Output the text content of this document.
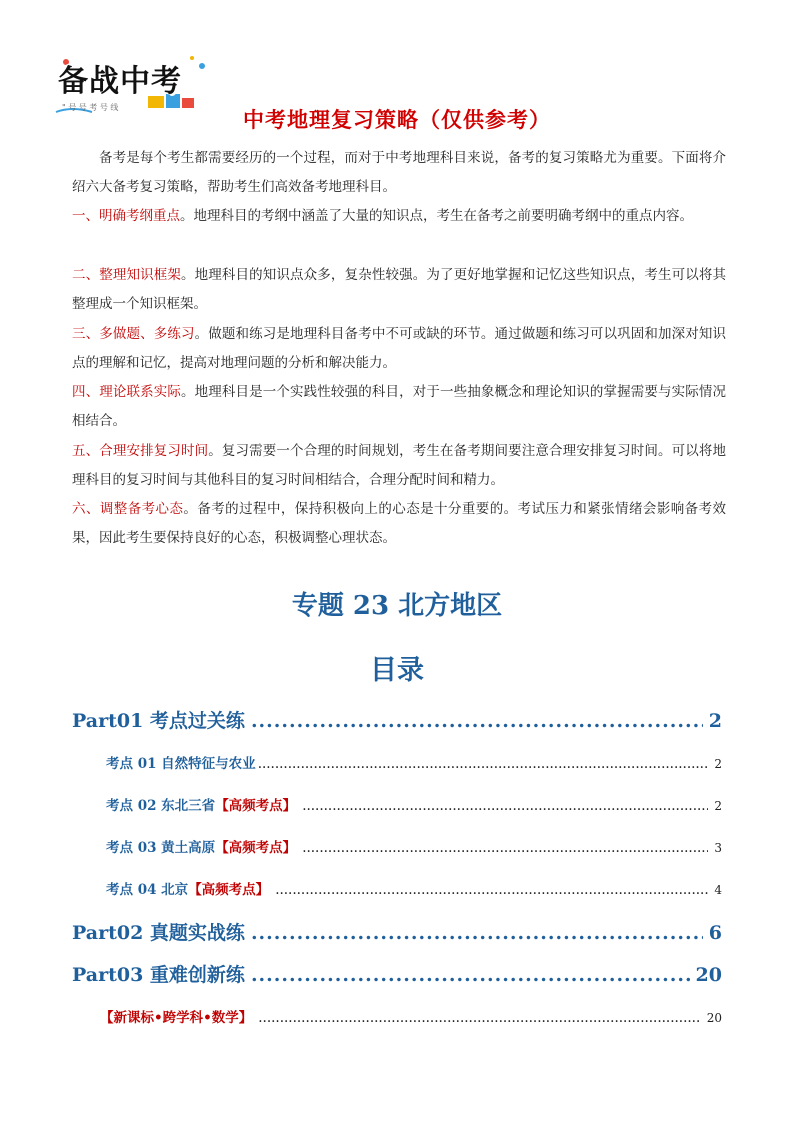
备战中考
" 号 号 考 号 线
中考地理复习策略（仅供参考）
备考是每个考生都需要经历的一个过程，而对于中考地理科目来说，备考的复习策略尤为重要。下面将介绍六大备考复习策略，帮助考生们高效备考地理科目。
一、明确考纲重点。地理科目的考纲中涵盖了大量的知识点，考生在备考之前要明确考纲中的重点内容。
二、整理知识框架。地理科目的知识点众多，复杂性较强。为了更好地掌握和记忆这些知识点，考生可以将其整理成一个知识框架。
三、多做题、多练习。做题和练习是地理科目备考中不可或缺的环节。通过做题和练习可以巩固和加深对知识点的理解和记忆，提高对地理问题的分析和解决能力。
四、理论联系实际。地理科目是一个实践性较强的科目，对于一些抽象概念和理论知识的掌握需要与实际情况相结合。
五、合理安排复习时间。复习需要一个合理的时间规划，考生在备考期间要注意合理安排复习时间。可以将地理科目的复习时间与其他科目的复习时间相结合，合理分配时间和精力。
六、调整备考心态。备考的过程中，保持积极向上的心态是十分重要的。考试压力和紧张情绪会影响备考效果，因此考生要保持良好的心态，积极调整心理状态。
专题 23 北方地区
目录
Part01 考点过关练 .....	2
考点 01 自然特征与农业 .....	2
考点 02 东北三省 【高频考点】 .....	2
考点 03 黄土高原 【高频考点】 .....	3
考点 04 北京 【高频考点】 .....	4
Part02 真题实战练 .....	6
Part03 重难创新练 .....	20
【新课标•跨学科•数学】 .....	20
